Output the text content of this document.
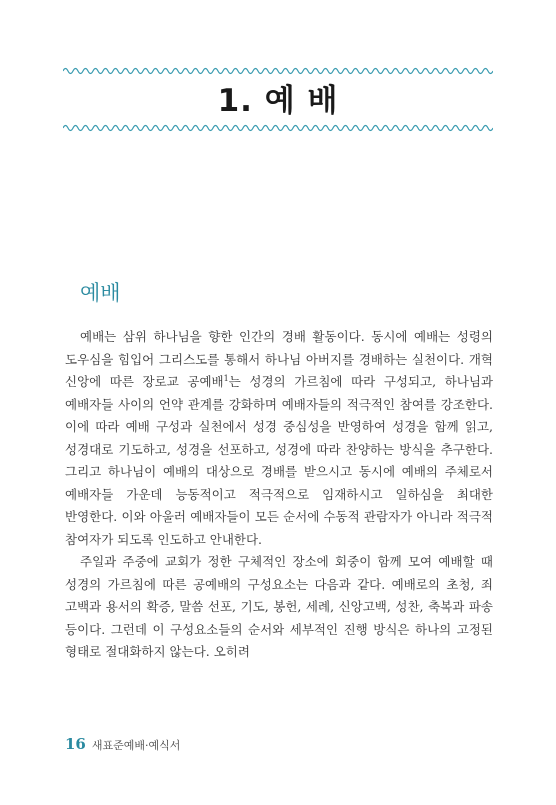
1. 예 배
예배

예배는 삼위 하나님을 향한 인간의 경배 활동이다. 동시에 예배는 성령의 도우심을 힘입어 그리스도를 통해서 하나님 아버지를 경배하는 실천이다. 개혁 신앙에 따른 장로교 공예배$^1$는 성경의 가르침에 따라 구성되고, 하나님과 예배자들 사이의 언약 관계를 강화하며 예배자들의 적극적인 참여를 강조한다. 이에 따라 예배 구성과 실천에서 성경 중심성을 반영하여 성경을 함께 읽고, 성경대로 기도하고, 성경을 선포하고, 성경에 따라 찬양하는 방식을 추구한다. 그리고 하나님이 예배의 대상으로 경배를 받으시고 동시에 예배의 주체로서 예배자들 가운데 능동적이고 적극적으로 임재하시고 일하심을 최대한 반영한다. 이와 아울러 예배자들이 모든 순서에 수동적 관람자가 아니라 적극적 참여자가 되도록 인도하고 안내한다.

주일과 주중에 교회가 정한 구체적인 장소에 회중이 함께 모여 예배할 때 성경의 가르침에 따른 공예배의 구성요소는 다음과 같다. 예배로의 초청, 죄 고백과 용서의 확증, 말씀 선포, 기도, 봉헌, 세례, 신앙고백, 성찬, 축복과 파송 등이다. 그런데 이 구성요소들의 순서와 세부적인 진행 방식은 하나의 고정된 형태로 절대화하지 않는다. 오히려

16 새표준예배·예식서
